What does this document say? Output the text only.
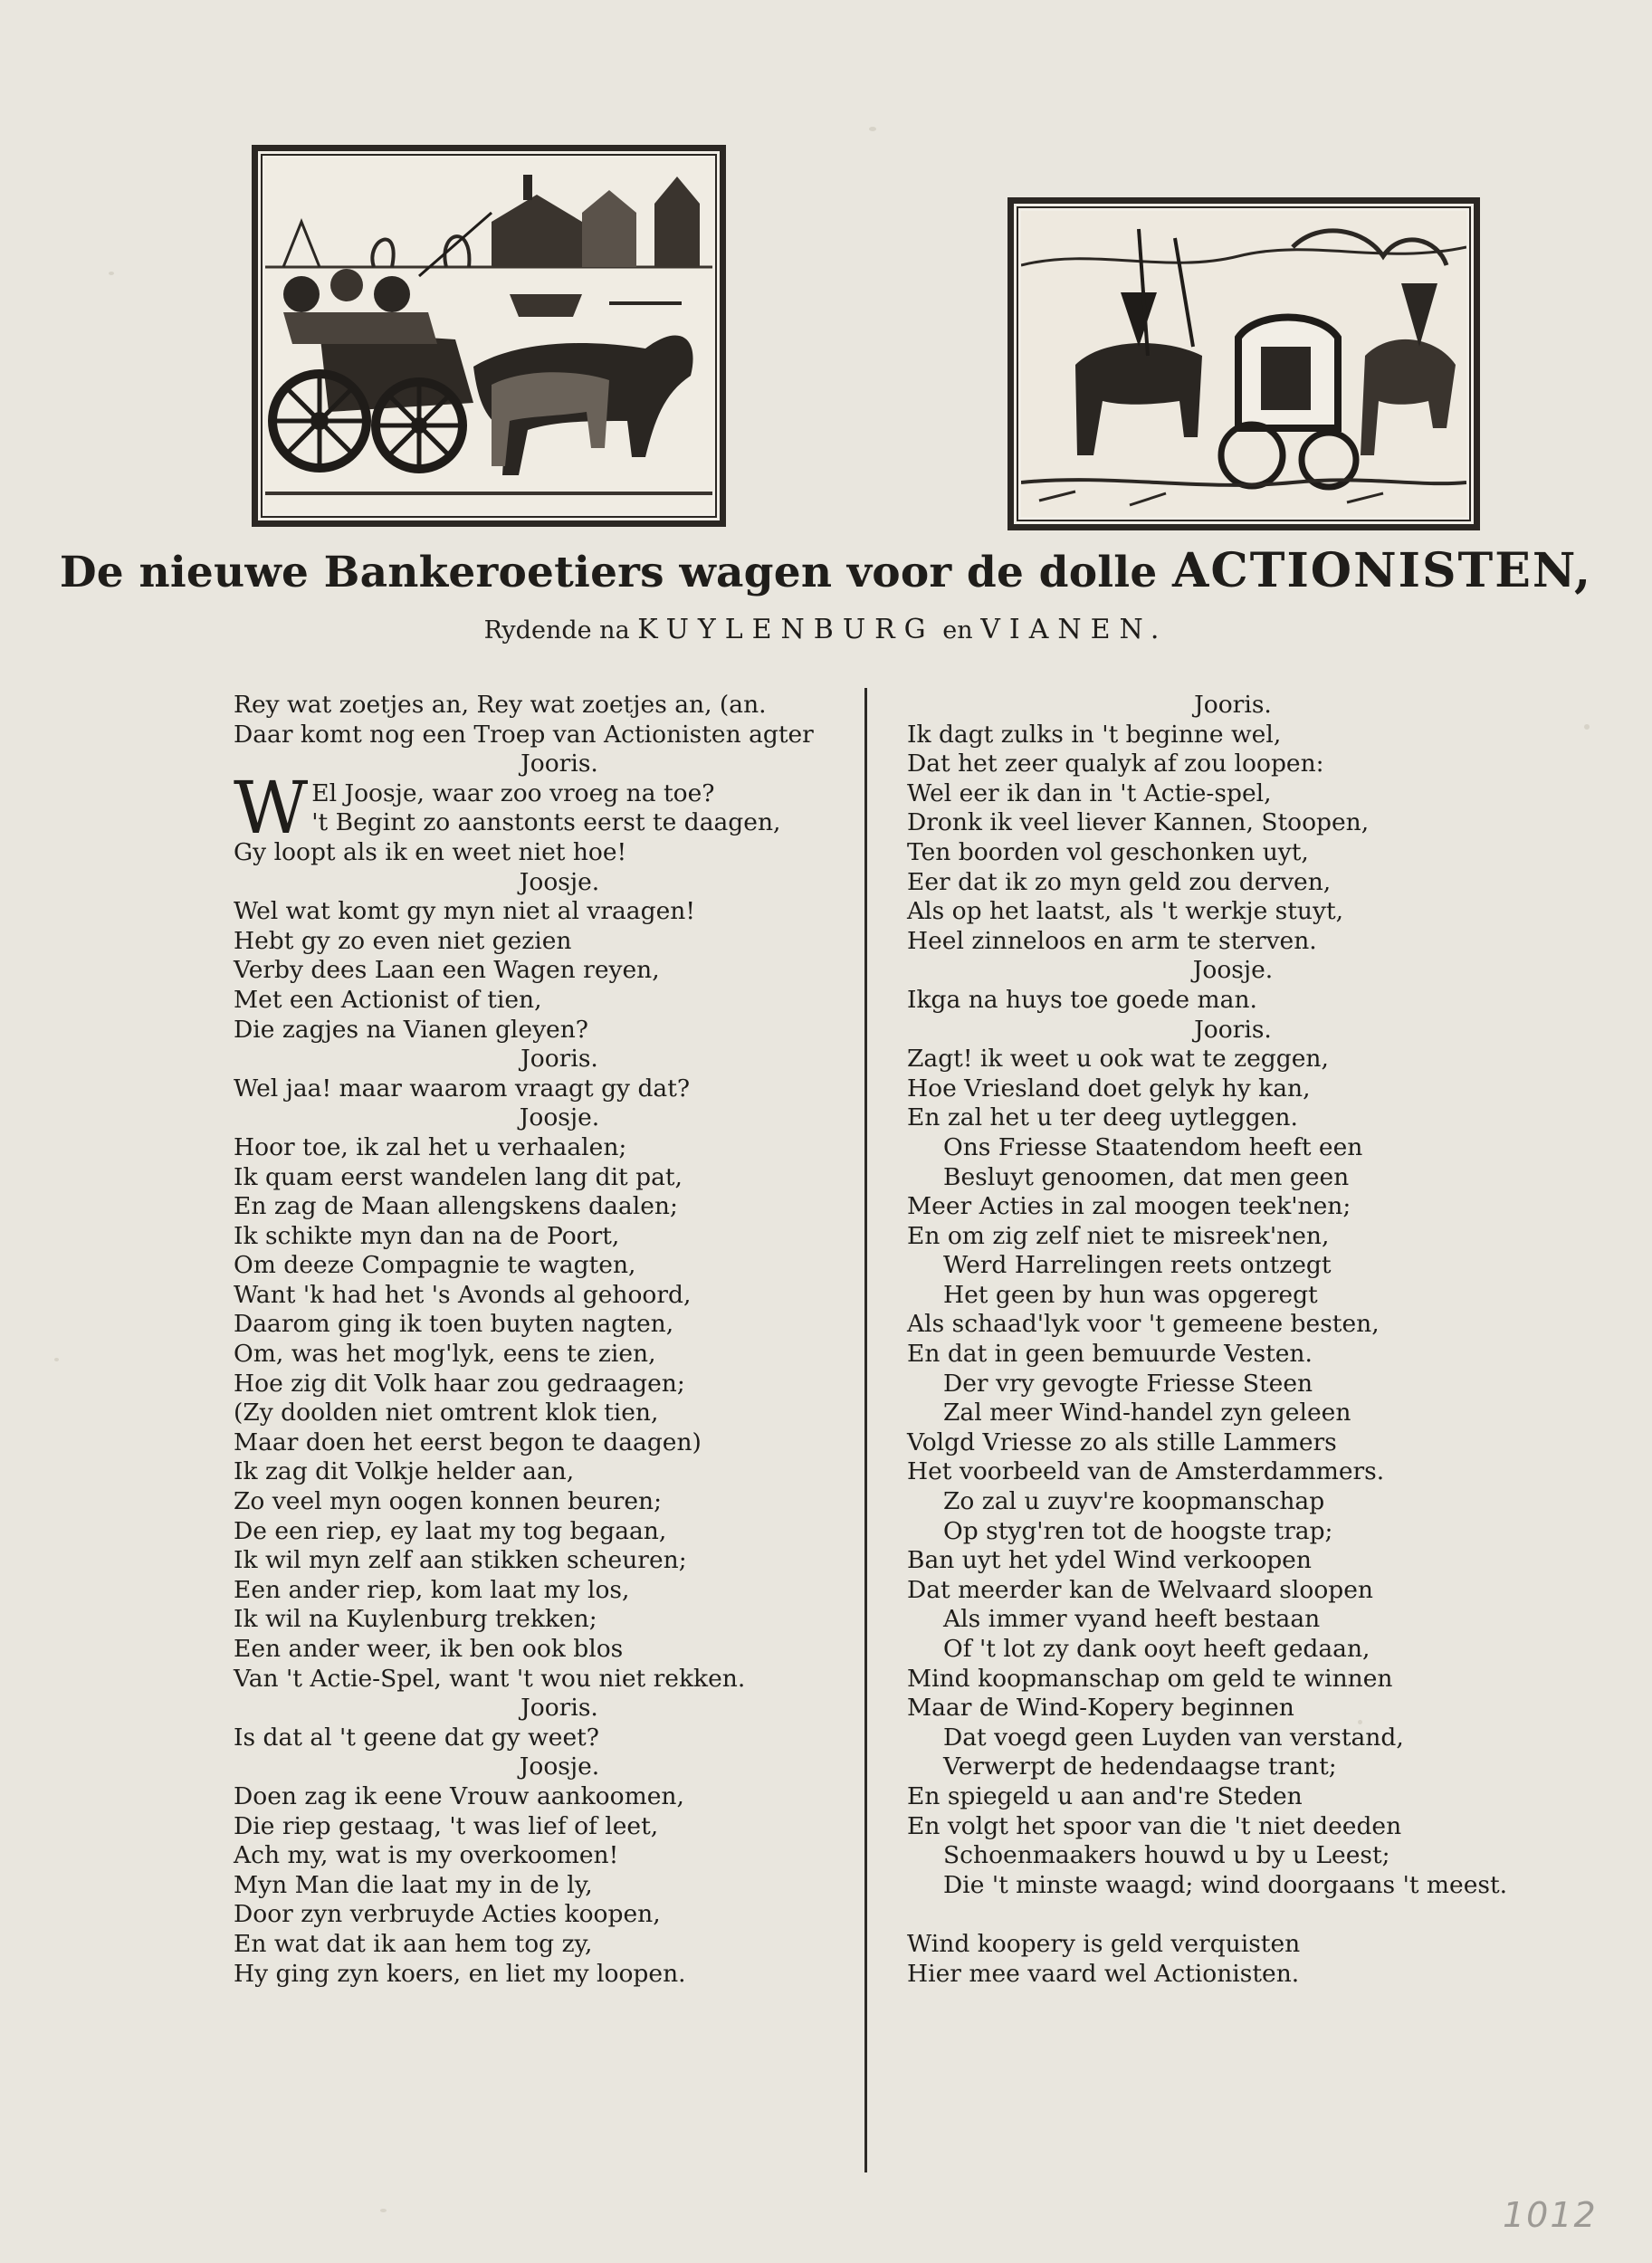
De nieuwe Bankeroetiers wagen voor de dolle ACTIONISTEN,
Rydende na KUYLENBURG en VIANEN.
Rey wat zoetjes an, Rey wat zoetjes an, (an.
Daar komt nog een Troep van Actionisten agter
Jooris.
W El Joosje, waar zoo vroeg na toe?
't Begint zo aanstonts eerst te daagen,
Gy loopt als ik en weet niet hoe!
Joosje.
Wel wat komt gy myn niet al vraagen!
Hebt gy zo even niet gezien
Verby dees Laan een Wagen reyen,
Met een Actionist of tien,
Die zagjes na Vianen gleyen?
Jooris.
Wel jaa! maar waarom vraagt gy dat?
Joosje.
Hoor toe, ik zal het u verhaalen;
Ik quam eerst wandelen lang dit pat,
En zag de Maan allengskens daalen;
Ik schikte myn dan na de Poort,
Om deeze Compagnie te wagten,
Want 'k had het 's Avonds al gehoord,
Daarom ging ik toen buyten nagten,
Om, was het mog'lyk, eens te zien,
Hoe zig dit Volk haar zou gedraagen;
(Zy doolden niet omtrent klok tien,
Maar doen het eerst begon te daagen)
Ik zag dit Volkje helder aan,
Zo veel myn oogen konnen beuren;
De een riep, ey laat my tog begaan,
Ik wil myn zelf aan stikken scheuren;
Een ander riep, kom laat my los,
Ik wil na Kuylenburg trekken;
Een ander weer, ik ben ook blos
Van 't Actie-Spel, want 't wou niet rekken.
Jooris.
Is dat al 't geene dat gy weet?
Joosje.
Doen zag ik eene Vrouw aankoomen,
Die riep gestaag, 't was lief of leet,
Ach my, wat is my overkoomen!
Myn Man die laat my in de ly,
Door zyn verbruyde Acties koopen,
En wat dat ik aan hem tog zy,
Hy ging zyn koers, en liet my loopen.
Jooris.
Ik dagt zulks in 't beginne wel,
Dat het zeer qualyk af zou loopen:
Wel eer ik dan in 't Actie-spel,
Dronk ik veel liever Kannen, Stoopen,
Ten boorden vol geschonken uyt,
Eer dat ik zo myn geld zou derven,
Als op het laatst, als 't werkje stuyt,
Heel zinneloos en arm te sterven.
Joosje.
Ikga na huys toe goede man.
Jooris.
Zagt! ik weet u ook wat te zeggen,
Hoe Vriesland doet gelyk hy kan,
En zal het u ter deeg uytleggen.
Ons Friesse Staatendom heeft een
Besluyt genoomen, dat men geen
Meer Acties in zal moogen teek'nen;
En om zig zelf niet te misreek'nen,
Werd Harrelingen reets ontzegt
Het geen by hun was opgeregt
Als schaad'lyk voor 't gemeene besten,
En dat in geen bemuurde Vesten.
Der vry gevogte Friesse Steen
Zal meer Wind-handel zyn geleen
Volgd Vriesse zo als stille Lammers
Het voorbeeld van de Amsterdammers.
Zo zal u zuyv're koopmanschap
Op styg'ren tot de hoogste trap;
Ban uyt het ydel Wind verkoopen
Dat meerder kan de Welvaard sloopen
Als immer vyand heeft bestaan
Of 't lot zy dank ooyt heeft gedaan,
Mind koopmanschap om geld te winnen
Maar de Wind-Kopery beginnen
Dat voegd geen Luyden van verstand,
Verwerpt de hedendaagse trant;
En spiegeld u aan and're Steden
En volgt het spoor van die 't niet deeden
Schoenmaakers houwd u by u Leest;
Die 't minste waagd; wind doorgaans 't meest.
Wind koopery is geld verquisten
Hier mee vaard wel Actionisten.
1012
